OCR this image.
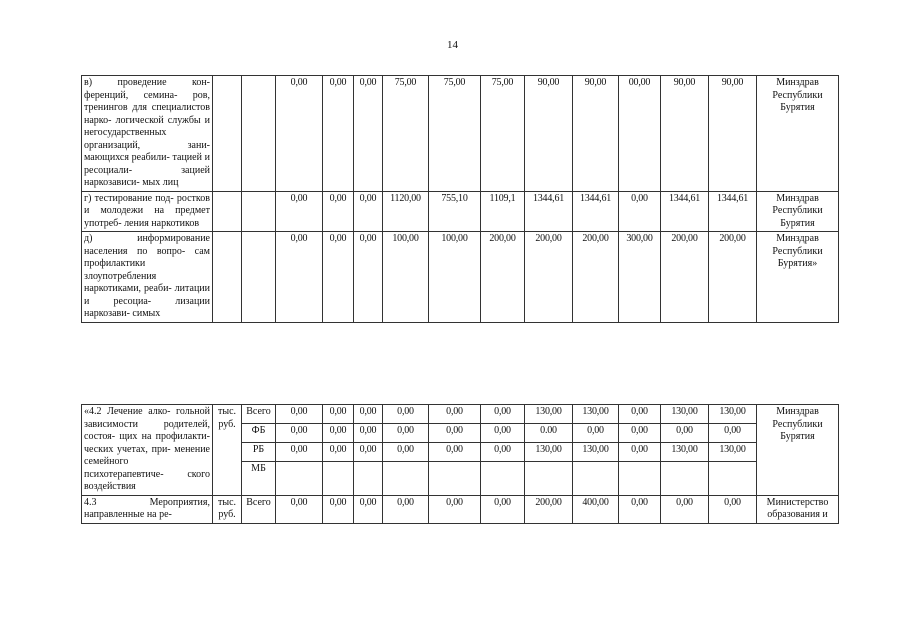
14
в) проведение кон- ференций, семина- ров, тренингов для специалистов нарко- логической службы и негосударственных организаций, зани- мающихся реабили- тацией и ресоциали- зацией наркозависи- мых лиц			0,00	0,00	0,00	75,00	75,00	75,00	90,00	90,00	00,00	90,00	90,00	Минздрав Республики Бурятия
г) тестирование под- ростков и молодежи на предмет употреб- ления наркотиков			0,00	0,00	0,00	1120,00	755,10	1109,1	1344,61	1344,61	0,00	1344,61	1344,61	Минздрав Республики Бурятия
д) информирование населения по вопро- сам профилактики злоупотребления наркотиками, реаби- литации и ресоциа- лизации наркозави- симых			0,00	0,00	0,00	100,00	100,00	200,00	200,00	200,00	300,00	200,00	200,00	Минздрав Республики Бурятия»
«4.2 Лечение алко- гольной зависимости родителей, состоя- щих на профилакти- ческих учетах, при- менение семейного психотерапевтиче- ского воздействия	тыс. руб.	Всего	0,00	0,00	0,00	0,00	0,00	0,00	130,00	130,00	0,00	130,00	130,00	Минздрав Республики Бурятия
		ФБ	0,00	0,00	0,00	0,00	0,00	0,00	0.00	0,00	0,00	0,00	0,00	
		РБ	0,00	0,00	0,00	0,00	0,00	0,00	130,00	130,00	0,00	130,00	130,00	
		МБ												
4.3 Мероприятия, направленные на ре-	тыс. руб.	Всего	0,00	0,00	0,00	0,00	0,00	0,00	200,00	400,00	0,00	0,00	0,00	Министерство образования и
